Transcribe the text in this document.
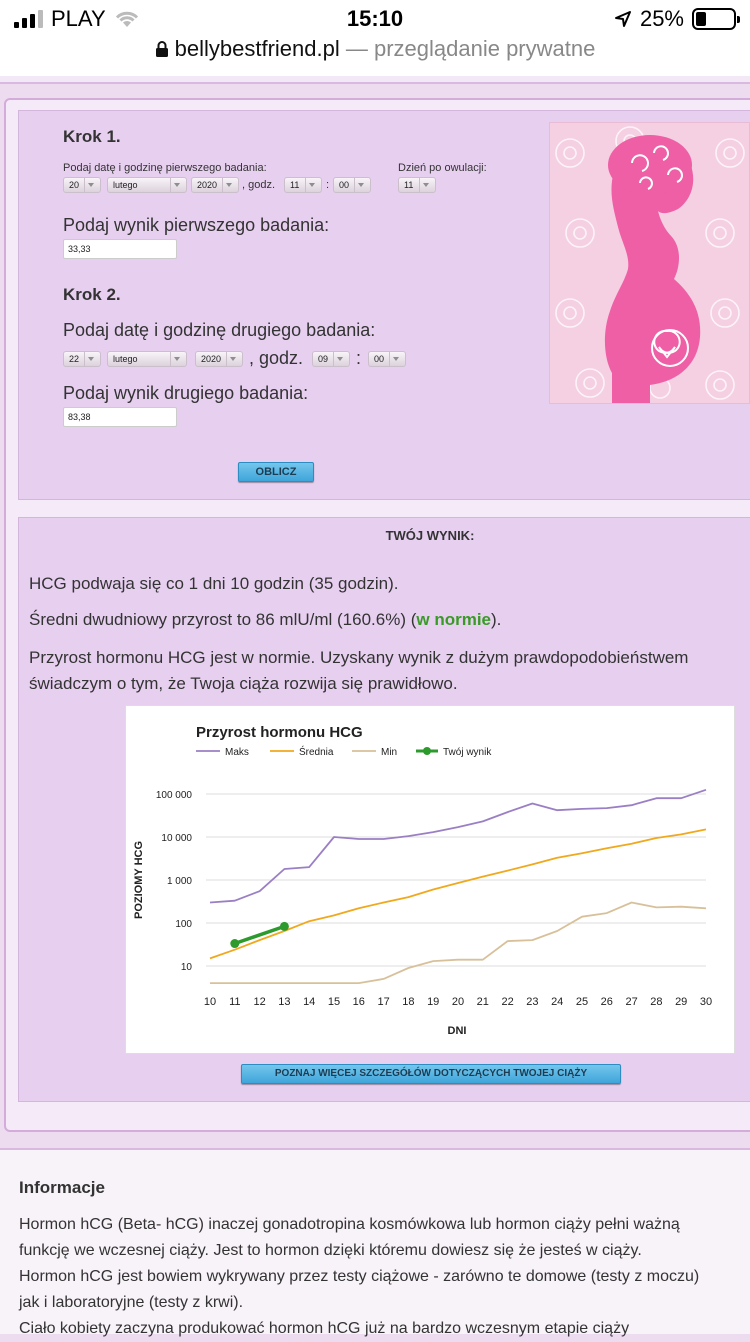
PLAY	15:10	25%
bellybestfriend.pl — przeglądanie prywatne
Krok 1.
Podaj datę i godzinę pierwszego badania:	Dzień po owulacji:
20	lutego	2020	, godz.	11	:	00	11
Podaj wynik pierwszego badania:
33,33
Krok 2.
Podaj datę i godzinę drugiego badania:
22	lutego	2020	, godz.	09	:	00
Podaj wynik drugiego badania:
83,38
OBLICZ
TWÓJ WYNIK:
HCG podwaja się co 1 dni 10 godzin (35 godzin).
Średni dwudniowy przyrost to 86 mlU/ml (160.6%) (w normie).
Przyrost hormonu HCG jest w normie. Uzyskany wynik z dużym prawdopodobieństwem
świadczym o tym, że Twoja ciąża rozwija się prawidłowo.
Przyrost hormonu HCG
Maks	Średnia	Min	Twój wynik
10
100
1 000
10 000
100 000
10 11 12 13 14 15 16 17 18 19 20 21 22 23 24 25 26 27 28 29 30
POZIOMY HCG
DNI
POZNAJ WIĘCEJ SZCZEGÓŁÓW DOTYCZĄCYCH TWOJEJ CIĄŻY
Informacje

Hormon hCG (Beta- hCG) inaczej gonadotropina kosmówkowa lub hormon ciąży pełni ważną

funkcję we wczesnej ciąży. Jest to hormon dzięki któremu dowiesz się że jesteś w ciąży.

Hormon hCG jest bowiem wykrywany przez testy ciążowe - zarówno te domowe (testy z moczu)

jak i laboratoryjne (testy z krwi).

Ciało kobiety zaczyna produkować hormon hCG już na bardzo wczesnym etapie ciąży
